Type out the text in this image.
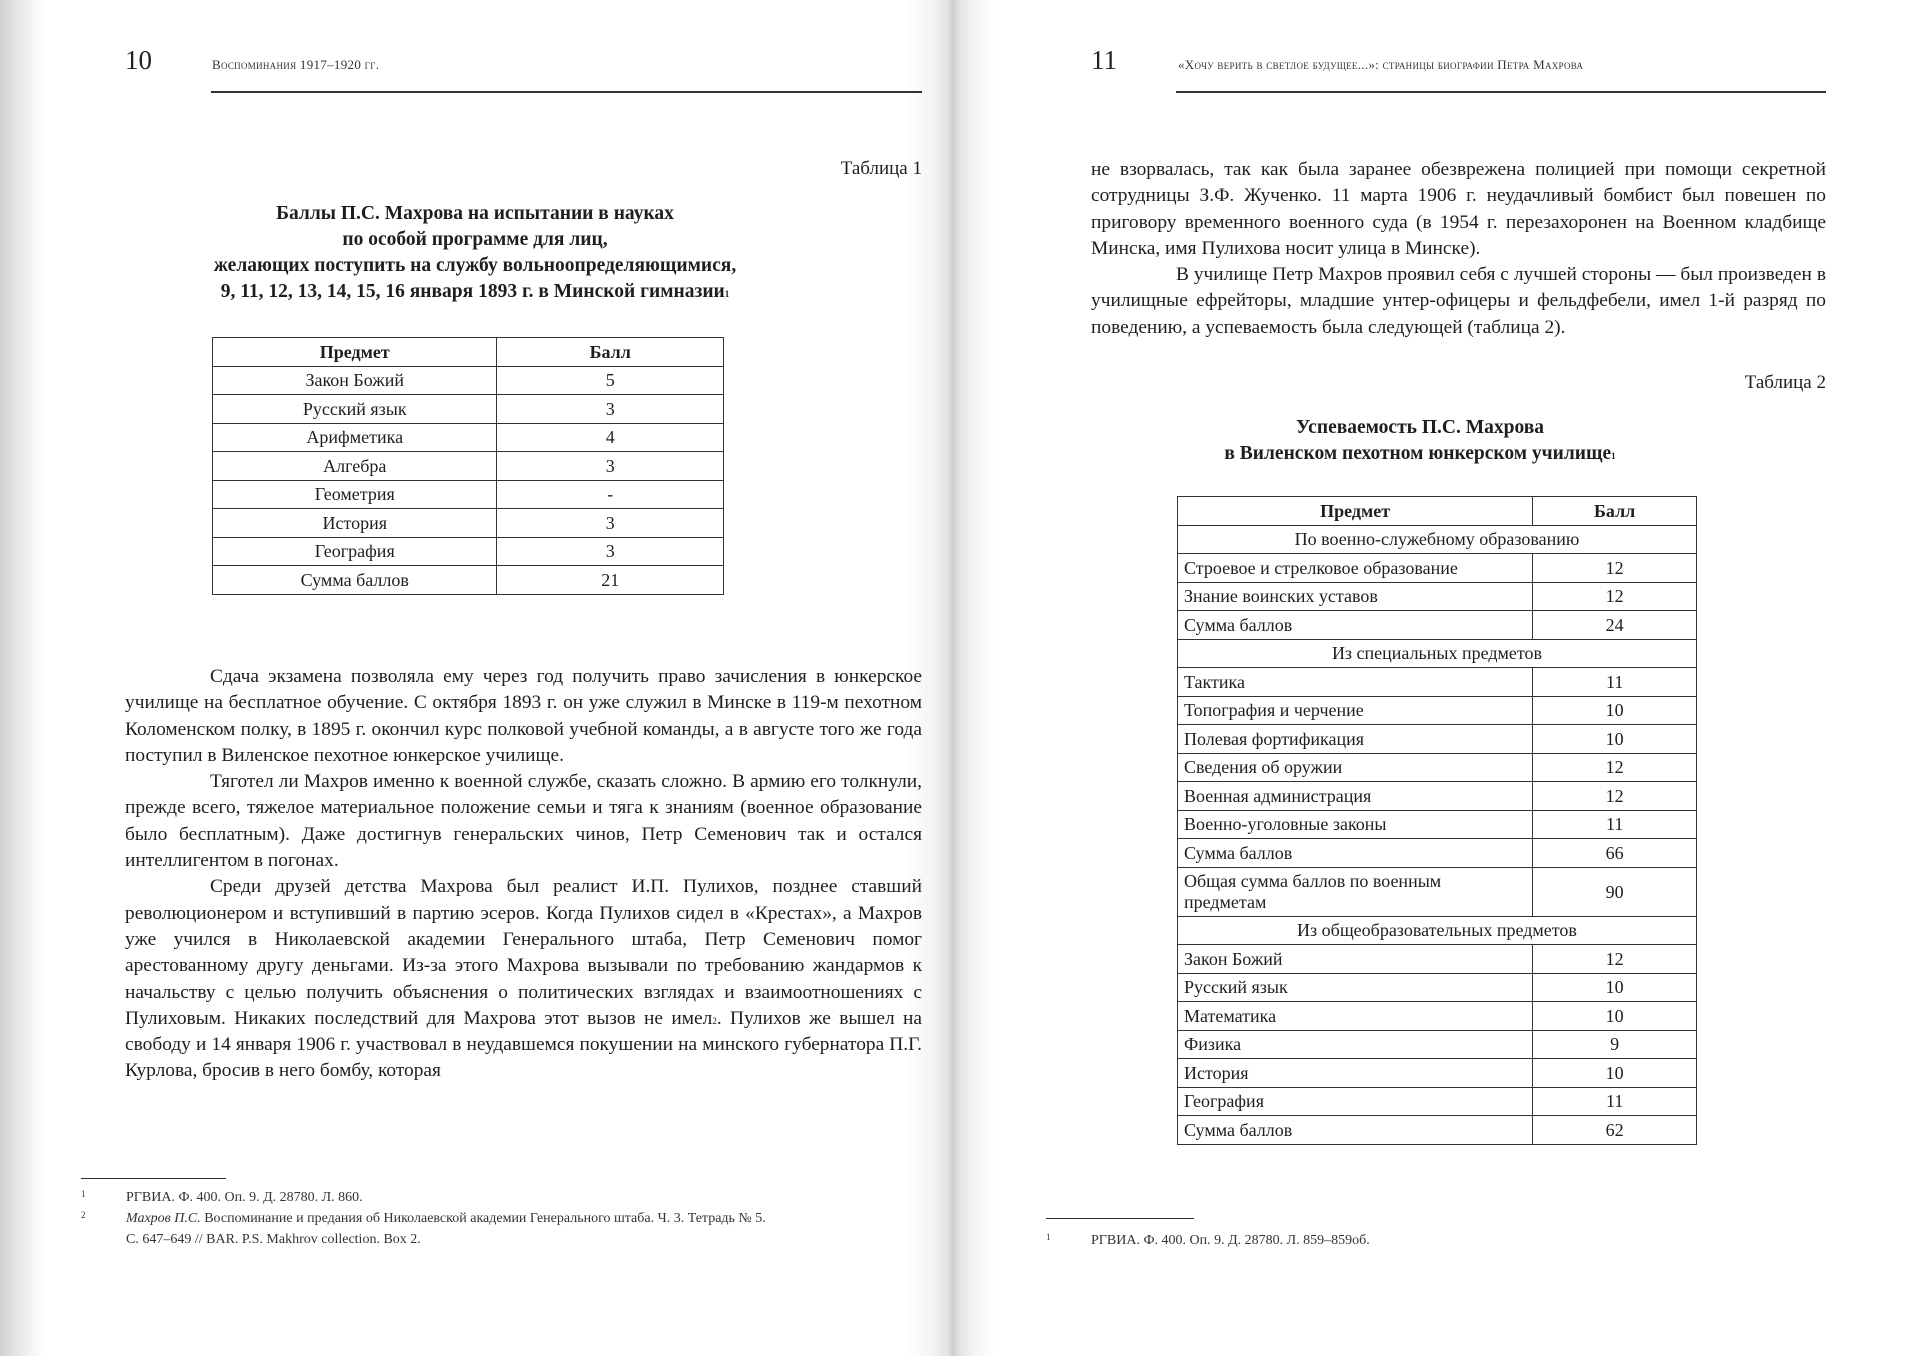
10	Воспоминания 1917–1920 гг.
Таблица 1
Баллы П.С. Махрова на испытании в науках
по особой программе для лиц,
желающих поступить на службу вольноопределяющимися,
9, 11, 12, 13, 14, 15, 16 января 1893 г. в Минской гимназии$^1$
Предмет	Балл
Закон Божий	5
Русский язык	3
Арифметика	4
Алгебра	3
Геометрия	-
История	3
География	3
Сумма баллов	21

Сдача экзамена позволяла ему через год получить право зачисления в юнкерское училище на бесплатное обучение. С октября 1893 г. он уже служил в Минске в 119-м пехотном Коломенском полку, в 1895 г. окончил курс полковой учебной команды, а в августе того же года поступил в Виленское пехотное юнкерское училище.

Тяготел ли Махров именно к военной службе, сказать сложно. В армию его толкнули, прежде всего, тяжелое материальное положение семьи и тяга к знаниям (военное образование было бесплатным). Даже достигнув генеральских чинов, Петр Семенович так и остался интеллигентом в погонах.

Среди друзей детства Махрова был реалист И.П. Пулихов, позднее ставший революционером и вступивший в партию эсеров. Когда Пулихов сидел в «Крестах», а Махров уже учился в Николаевской академии Генерального штаба, Петр Семенович помог арестованному другу деньгами. Из-за этого Махрова вызывали по требованию жандармов к начальству с целью получить объяснения о политических взглядах и взаимоотношениях с Пулиховым. Никаких последствий для Махрова этот вызов не имел$^2$. Пулихов же вышел на свободу и 14 января 1906 г. участвовал в неудавшемся покушении на минского губернатора П.Г. Курлова, бросив в него бомбу, которая

1	РГВИА. Ф. 400. Оп. 9. Д. 28780. Л. 860.
2	Махров П.С. Воспоминание и предания об Николаевской академии Генерального штаба. Ч. 3. Тетрадь № 5. С. 647–649 // BAR. P.S. Makhrov collection. Box 2.
11	«Хочу верить в светлое будущее...»: страницы биографии Петра Махрова

не взорвалась, так как была заранее обезврежена полицией при помощи секретной сотрудницы З.Ф. Жученко. 11 марта 1906 г. неудачливый бомбист был повешен по приговору временного военного суда (в 1954 г. перезахоронен на Военном кладбище Минска, имя Пулихова носит улица в Минске).

В училище Петр Махров проявил себя с лучшей стороны — был произведен в училищные ефрейторы, младшие унтер-офицеры и фельдфебели, имел 1-й разряд по поведению, а успеваемость была следующей (таблица 2).

Таблица 2
Успеваемость П.С. Махрова
в Виленском пехотном юнкерском училище$^1$
Предмет	Балл
По военно-служебному образованию	
Строевое и стрелковое образование	12
Знание воинских уставов	12
Сумма баллов	24
Из специальных предметов	
Тактика	11
Топография и черчение	10
Полевая фортификация	10
Сведения об оружии	12
Военная администрация	12
Военно-уголовные законы	11
Сумма баллов	66
Общая сумма баллов по военным предметам	90
Из общеобразовательных предметов	
Закон Божий	12
Русский язык	10
Математика	10
Физика	9
История	10
География	11
Сумма баллов	62
1	РГВИА. Ф. 400. Оп. 9. Д. 28780. Л. 859–859об.
